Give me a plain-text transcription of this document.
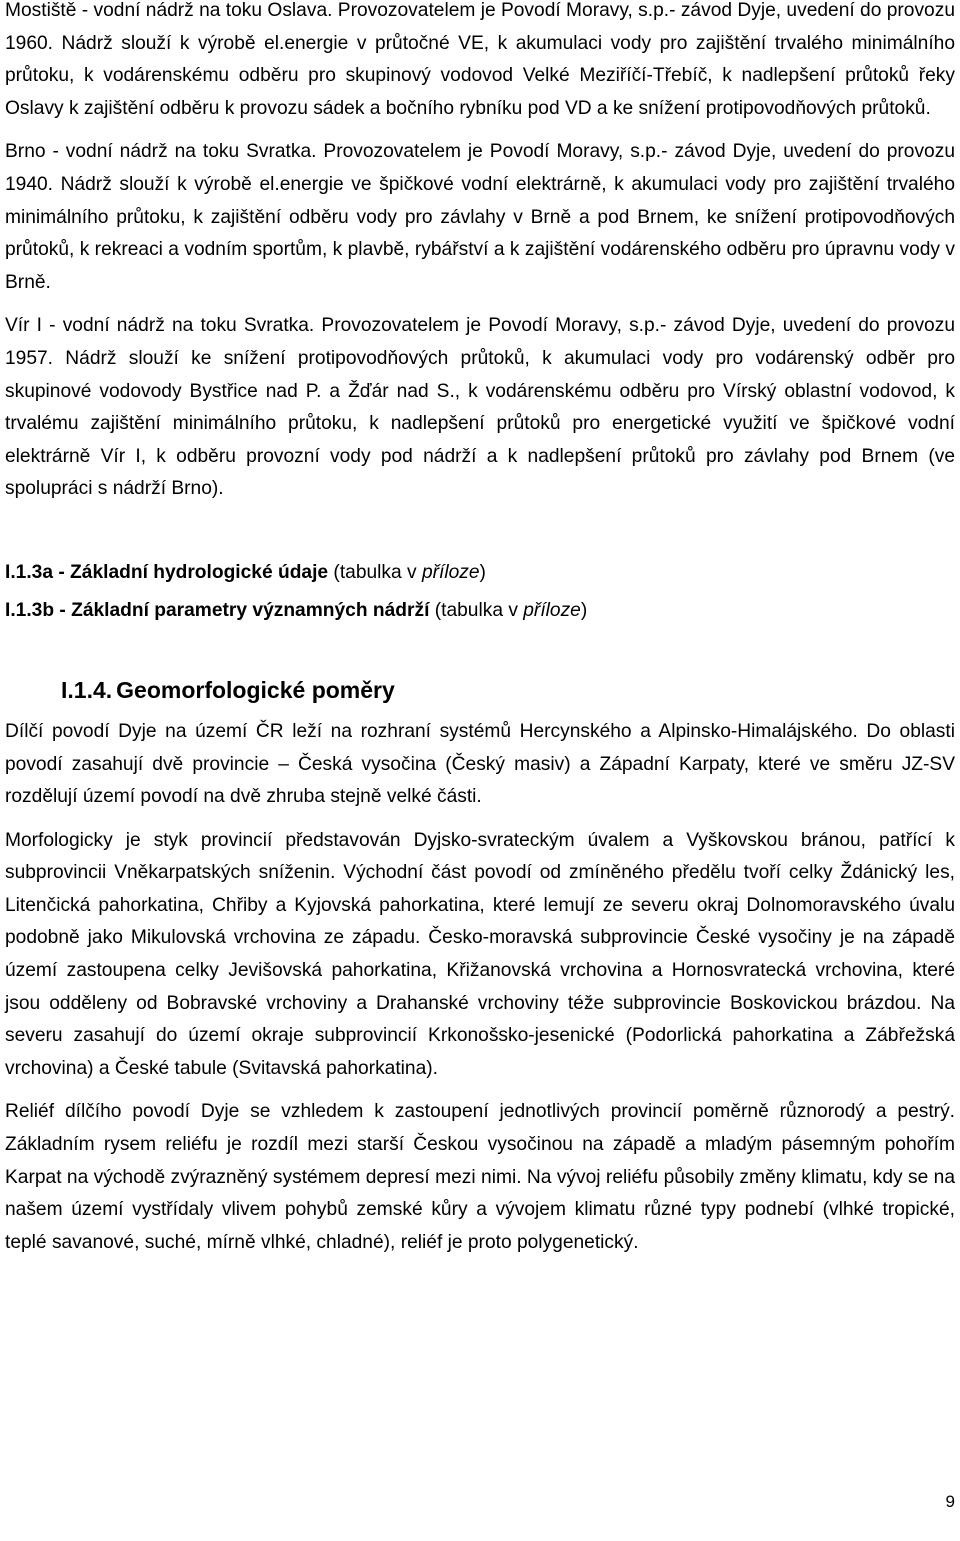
Mostiště - vodní nádrž na toku Oslava. Provozovatelem je Povodí Moravy, s.p.- závod Dyje, uvedení do provozu 1960. Nádrž slouží k výrobě el.energie v průtočné VE, k akumulaci vody pro zajištění trvalého minimálního průtoku, k vodárenskému odběru pro skupinový vodovod Velké Meziříčí-Třebíč, k nadlepšení průtoků řeky Oslavy k zajištění odběru k provozu sádek a bočního rybníku pod VD a ke snížení protipovodňových průtoků.

Brno - vodní nádrž na toku Svratka. Provozovatelem je Povodí Moravy, s.p.- závod Dyje, uvedení do provozu 1940. Nádrž slouží k výrobě el.energie ve špičkové vodní elektrárně, k akumulaci vody pro zajištění trvalého minimálního průtoku, k zajištění odběru vody pro závlahy v Brně a pod Brnem, ke snížení protipovodňových průtoků, k rekreaci a vodním sportům, k plavbě, rybářství a k zajištění vodárenského odběru pro úpravnu vody v Brně.

Vír I - vodní nádrž na toku Svratka. Provozovatelem je Povodí Moravy, s.p.- závod Dyje, uvedení do provozu 1957. Nádrž slouží ke snížení protipovodňových průtoků, k akumulaci vody pro vodárenský odběr pro skupinové vodovody Bystřice nad P. a Žďár nad S., k vodárenskému odběru pro Vírský oblastní vodovod, k trvalému zajištění minimálního průtoku, k nadlepšení průtoků pro energetické využití ve špičkové vodní elektrárně Vír I, k odběru provozní vody pod nádrží a k nadlepšení průtoků pro závlahy pod Brnem (ve spolupráci s nádrží Brno).

I.1.3a - Základní hydrologické údaje (tabulka v příloze)

I.1.3b - Základní parametry významných nádrží (tabulka v příloze)

I.1.4. Geomorfologické poměry

Dílčí povodí Dyje na území ČR leží na rozhraní systémů Hercynského a Alpinsko-Himalájského. Do oblasti povodí zasahují dvě provincie – Česká vysočina (Český masiv) a Západní Karpaty, které ve směru JZ-SV rozdělují území povodí na dvě zhruba stejně velké části.

Morfologicky je styk provincií představován Dyjsko-svrateckým úvalem a Vyškovskou bránou, patřící k subprovincii Vněkarpatských sníženin. Východní část povodí od zmíněného předělu tvoří celky Ždánický les, Litenčická pahorkatina, Chřiby a Kyjovská pahorkatina, které lemují ze severu okraj Dolnomoravského úvalu podobně jako Mikulovská vrchovina ze západu. Česko-moravská subprovincie České vysočiny je na západě území zastoupena celky Jevišovská pahorkatina, Křižanovská vrchovina a Hornosvratecká vrchovina, které jsou odděleny od Bobravské vrchoviny a Drahanské vrchoviny téže subprovincie Boskovickou brázdou. Na severu zasahují do území okraje subprovincií Krkonošsko-jesenické (Podorlická pahorkatina a Zábřežská vrchovina) a České tabule (Svitavská pahorkatina).

Reliéf dílčího povodí Dyje se vzhledem k zastoupení jednotlivých provincií poměrně různorodý a pestrý. Základním rysem reliéfu je rozdíl mezi starší Českou vysočinou na západě a mladým pásemným pohořím Karpat na východě zvýrazněný systémem depresí mezi nimi. Na vývoj reliéfu působily změny klimatu, kdy se na našem území vystřídaly vlivem pohybů zemské kůry a vývojem klimatu různé typy podnebí (vlhké tropické, teplé savanové, suché, mírně vlhké, chladné), reliéf je proto polygenetický.

9
